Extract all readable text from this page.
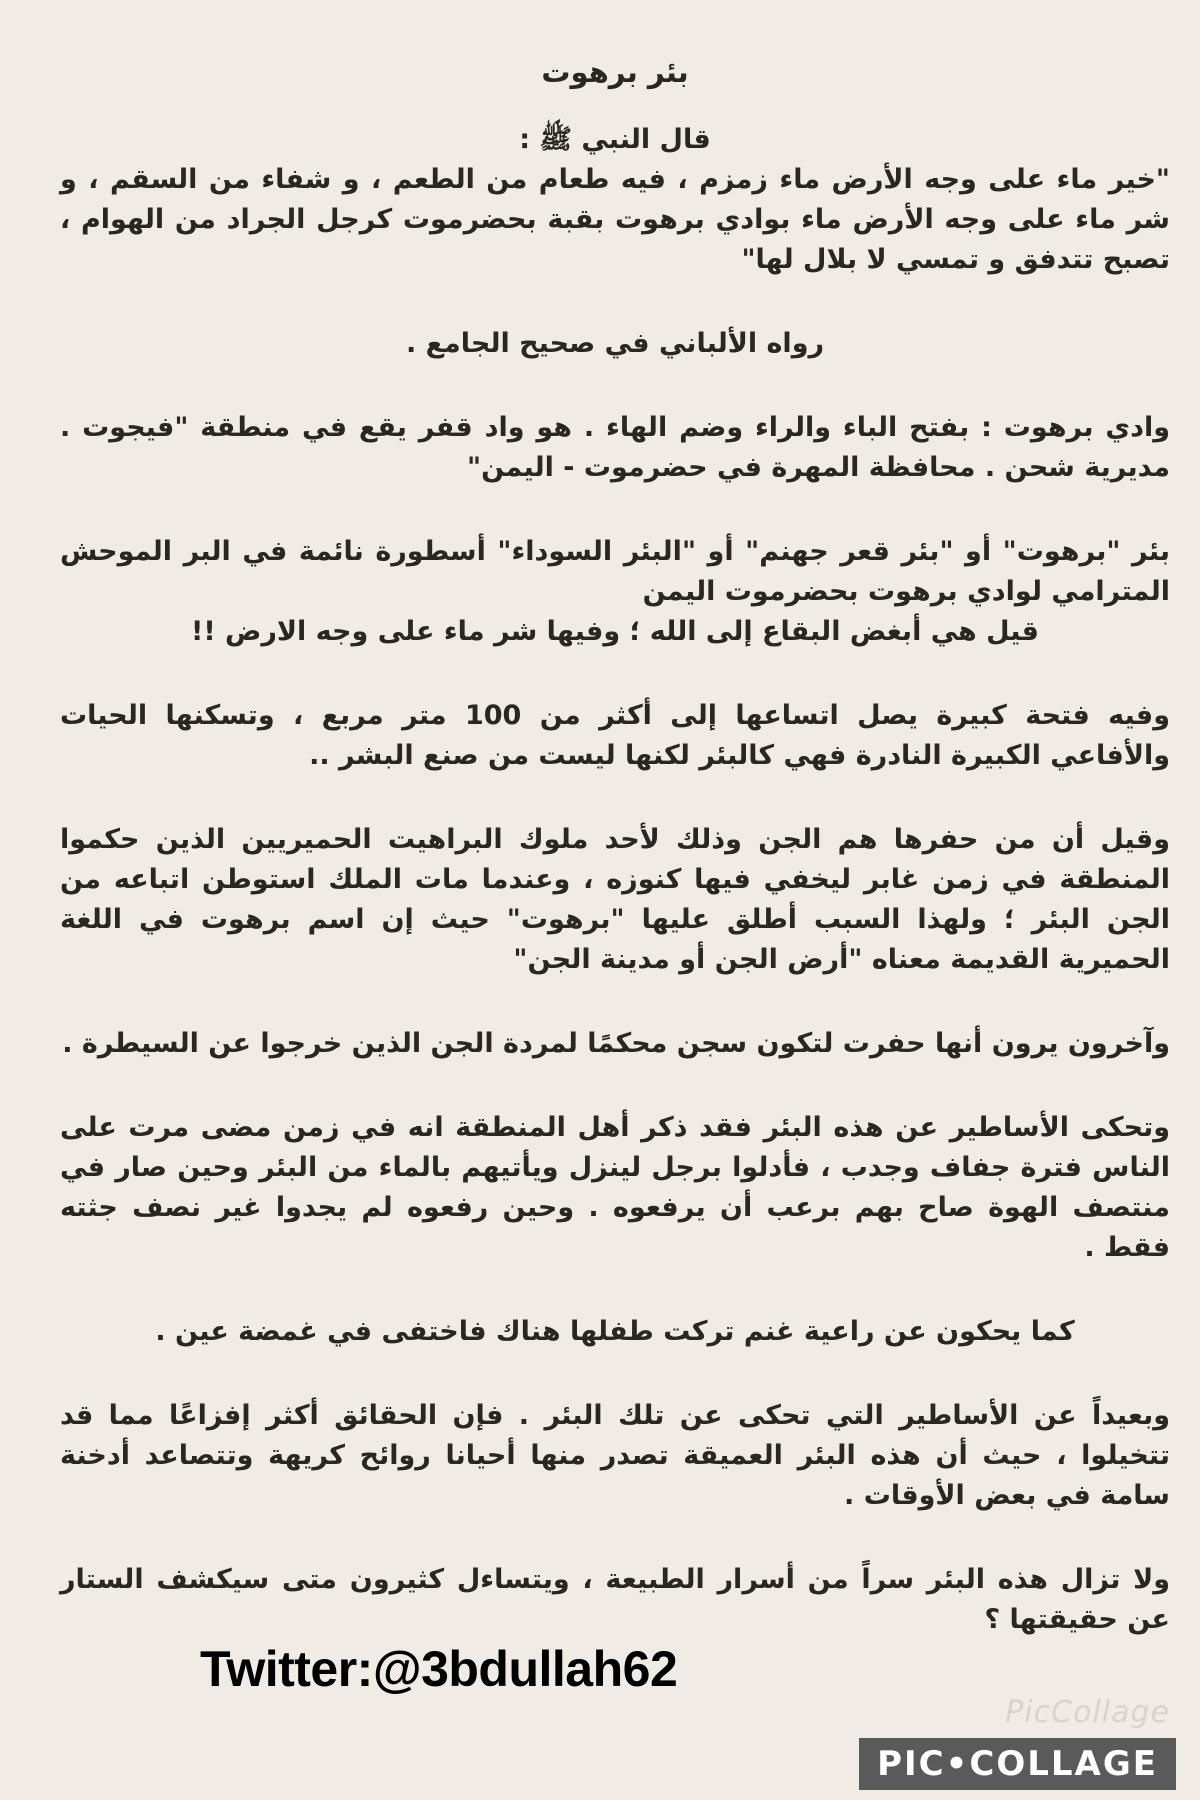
بئر برهوت
قال النبي ﷺ :
"خير ماء على وجه الأرض ماء زمزم ، فيه طعام من الطعم ، و شفاء من السقم ، و شر ماء على وجه الأرض ماء بوادي برهوت بقبة بحضرموت كرجل الجراد من الهوام ، تصبح تتدفق و تمسي لا بلال لها"

رواه الألباني في صحيح الجامع .

وادي برهوت : بفتح الباء والراء وضم الهاء . هو واد قفر يقع في منطقة "فيجوت . مديرية شحن . محافظة المهرة في حضرموت - اليمن"

بئر "برهوت" أو "بئر قعر جهنم" أو "البئر السوداء" أسطورة نائمة في البر الموحش المترامي لوادي برهوت بحضرموت اليمن
قيل هي أبغض البقاع إلى الله ؛ وفيها شر ماء على وجه الارض !!

وفيه فتحة كبيرة يصل اتساعها إلى أكثر من 100 متر مربع ، وتسكنها الحيات والأفاعي الكبيرة النادرة فهي كالبئر لكنها ليست من صنع البشر ..

وقيل أن من حفرها هم الجن وذلك لأحد ملوك البراهيت الحميريين الذين حكموا المنطقة في زمن غابر ليخفي فيها كنوزه ، وعندما مات الملك استوطن اتباعه من الجن البئر ؛ ولهذا السبب أطلق عليها "برهوت" حيث إن اسم برهوت في اللغة الحميرية القديمة معناه "أرض الجن أو مدينة الجن"

وآخرون يرون أنها حفرت لتكون سجن محكمًا لمردة الجن الذين خرجوا عن السيطرة .

وتحكى الأساطير عن هذه البئر فقد ذكر أهل المنطقة انه في زمن مضى مرت على الناس فترة جفاف وجدب ، فأدلوا برجل لينزل ويأتيهم بالماء من البئر وحين صار في منتصف الهوة صاح بهم برعب أن يرفعوه . وحين رفعوه لم يجدوا غير نصف جثته فقط .

كما يحكون عن راعية غنم تركت طفلها هناك فاختفى في غمضة عين .

وبعيداً عن الأساطير التي تحكى عن تلك البئر . فإن الحقائق أكثر إفزاعًا مما قد تتخيلوا ، حيث أن هذه البئر العميقة تصدر منها أحيانا روائح كريهة وتتصاعد أدخنة سامة في بعض الأوقات .

ولا تزال هذه البئر سراً من أسرار الطبيعة ، ويتساءل كثيرون متى سيكشف الستار عن حقيقتها ؟

Twitter:@3bdullah62
PicCollage
PIC•COLLAGE
